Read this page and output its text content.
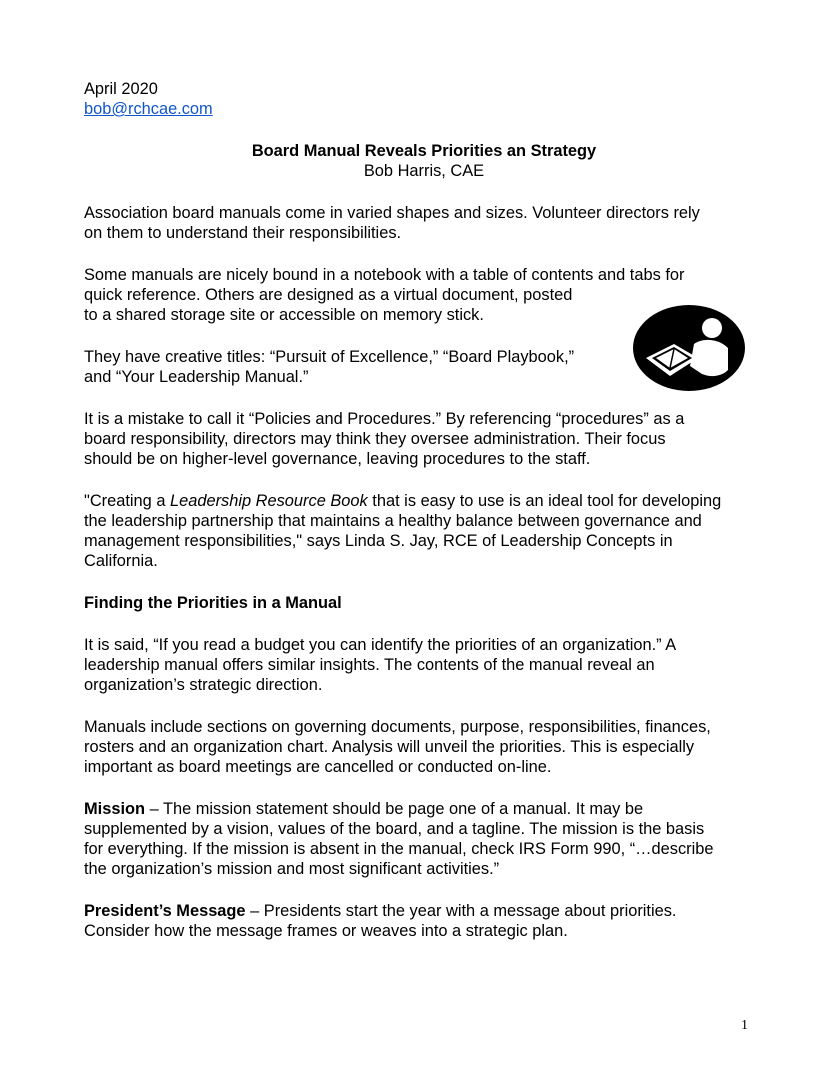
April 2020
bob@rchcae.com
Board Manual Reveals Priorities an Strategy
Bob Harris, CAE

Association board manuals come in varied shapes and sizes. Volunteer directors rely
on them to understand their responsibilities.

Some manuals are nicely bound in a notebook with a table of contents and tabs for
quick reference. Others are designed as a virtual document, posted
to a shared storage site or accessible on memory stick.

They have creative titles: “Pursuit of Excellence,” “Board Playbook,”
and “Your Leadership Manual.”

It is a mistake to call it “Policies and Procedures.” By referencing “procedures” as a
board responsibility, directors may think they oversee administration. Their focus
should be on higher-level governance, leaving procedures to the staff.

"Creating a Leadership Resource Book that is easy to use is an ideal tool for developing
the leadership partnership that maintains a healthy balance between governance and
management responsibilities," says Linda S. Jay, RCE of Leadership Concepts in
California.

Finding the Priorities in a Manual

It is said, “If you read a budget you can identify the priorities of an organization.” A
leadership manual offers similar insights. The contents of the manual reveal an
organization’s strategic direction.

Manuals include sections on governing documents, purpose, responsibilities, finances,
rosters and an organization chart. Analysis will unveil the priorities. This is especially
important as board meetings are cancelled or conducted on-line.

Mission – The mission statement should be page one of a manual. It may be
supplemented by a vision, values of the board, and a tagline. The mission is the basis
for everything. If the mission is absent in the manual, check IRS Form 990, “…describe
the organization’s mission and most significant activities.”

President’s Message – Presidents start the year with a message about priorities.
Consider how the message frames or weaves into a strategic plan.

1
